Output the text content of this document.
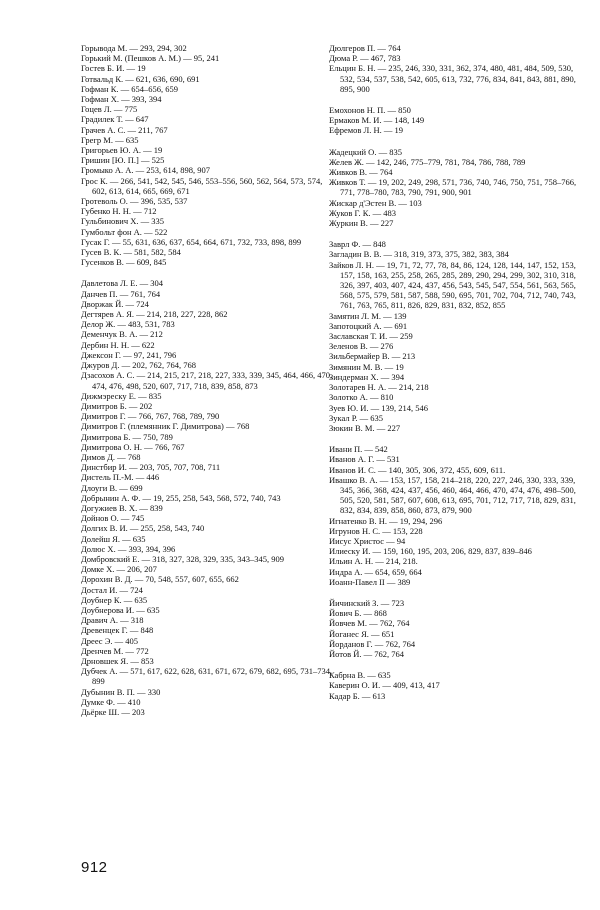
Горывода М. — 293, 294, 302

Горький М. (Пешков А. М.) — 95, 241

Гостев Б. И. — 19

Готвальд К. — 621, 636, 690, 691

Гофман К. — 654–656, 659

Гофман Х. — 393, 394

Гоцев Л. — 775

Градилек Т. — 647

Грачев А. С. — 211, 767

Грегр М. — 635

Григорьев Ю. А. — 19

Гришин [Ю. П.] — 525

Громыко А. А. — 253, 614, 898, 907

Грос К. — 266, 541, 542, 545, 546, 553–556, 560, 562, 564, 573, 574, 602, 613, 614, 665, 669, 671

Гротеволь О. — 396, 535, 537

Губенко Н. Н. — 712

Гульбинович Х. — 335

Гумбольт фон А. — 522

Гусак Г. — 55, 631, 636, 637, 654, 664, 671, 732, 733, 898, 899

Гусев В. К. — 581, 582, 584

Гусенков В. — 609, 845

Давлетова Л. Е. — 304

Данчев П. — 761, 764

Дворжак Й. — 724

Дегтярев А. Я. — 214, 218, 227, 228, 862

Делор Ж. — 483, 531, 783

Деменчук В. А. — 212

Дербин Н. Н. — 622

Джексон Г. — 97, 241, 796

Джуров Д. — 202, 762, 764, 768

Дзасохов А. С. — 214, 215, 217, 218, 227, 333, 339, 345, 464, 466, 470, 474, 476, 498, 520, 607, 717, 718, 839, 858, 873

Дижмэреску Е. — 835

Димитров Б. — 202

Димитров Г. — 766, 767, 768, 789, 790

Димитров Г. (племянник Г. Димитрова) — 768

Димитрова Б. — 750, 789

Димитрова О. Н. — 766, 767

Димов Д. — 768

Динстбир И. — 203, 705, 707, 708, 711

Дистель П.-М. — 446

Длоуги В. — 699

Добрынин А. Ф. — 19, 255, 258, 543, 568, 572, 740, 743

Догужиев В. Х. — 839

Дойнов О. — 745

Долгих В. И. — 255, 258, 543, 740

Долейш Я. — 635

Долюс Х. — 393, 394, 396

Домбровский Е. — 318, 327, 328, 329, 335, 343–345, 909

Домке Х. — 206, 207

Дорохин В. Д. — 70, 548, 557, 607, 655, 662

Достал И. — 724

Доубнер К. — 635

Доубнерова И. — 635

Дравич А. — 318

Древенцек Г. — 848

Дреес Э. — 405

Дренчев М. — 772

Дрновшек Я. — 853

Дубчек А. — 571, 617, 622, 628, 631, 671, 672, 679, 682, 695, 731–734, 899

Дубынин В. П. — 330

Думке Ф. — 410

Дьёрке Ш. — 203

Дюлгеров П. — 764

Дюма Р. — 467, 783

Ельцин Б. Н. — 235, 246, 330, 331, 362, 374, 480, 481, 484, 509, 530, 532, 534, 537, 538, 542, 605, 613, 732, 776, 834, 841, 843, 881, 890, 895, 900

Емохонов Н. П. — 850

Ермаков М. И. — 148, 149

Ефремов Л. Н. — 19

Жадецкий О. — 835

Желев Ж. — 142, 246, 775–779, 781, 784, 786, 788, 789

Живков В. — 764

Живков Т. — 19, 202, 249, 298, 571, 736, 740, 746, 750, 751, 758–766, 771, 778–780, 783, 790, 791, 900, 901

Жискар д'Эстен В. — 103

Жуков Г. К. — 483

Журкин В. — 227

Заврл Ф. — 848

Загладин В. В. — 318, 319, 373, 375, 382, 383, 384

Зайков Л. Н. — 19, 71, 72, 77, 78, 84, 86, 124, 128, 144, 147, 152, 153, 157, 158, 163, 255, 258, 265, 285, 289, 290, 294, 299, 302, 310, 318, 326, 397, 403, 407, 424, 437, 456, 543, 545, 547, 554, 561, 563, 565, 568, 575, 579, 581, 587, 588, 590, 695, 701, 702, 704, 712, 740, 743, 761, 763, 765, 811, 826, 829, 831, 832, 852, 855

Замятин Л. М. — 139

Запотоцкий А. — 691

Заславская Т. И. — 259

Зеленов В. — 276

Зильбермайер В. — 213

Зимянин М. В. — 19

Зиндерман Х. — 394

Золотарев Н. А. — 214, 218

Золотко А. — 810

Зуев Ю. И. — 139, 214, 546

Зукал Р. — 635

Зюкин В. М. — 227

Ивани П. — 542

Иванов А. Г. — 531

Иванов И. С. — 140, 305, 306, 372, 455, 609, 611.

Ивашко В. А. — 153, 157, 158, 214–218, 220, 227, 246, 330, 333, 339, 345, 366, 368, 424, 437, 456, 460, 464, 466, 470, 474, 476, 498–500, 505, 520, 581, 587, 607, 608, 613, 695, 701, 712, 717, 718, 829, 831, 832, 834, 839, 858, 860, 873, 879, 900

Игнатенко В. Н. — 19, 294, 296

Игрунов Н. С. — 153, 228

Иисус Христос — 94

Илиеску И. — 159, 160, 195, 203, 206, 829, 837, 839–846

Ильин А. Н. — 214, 218.

Индра А. — 654, 659, 664

Иоанн-Павел II — 389

Йичинский З. — 723

Йович Б. — 868

Йовчев М. — 762, 764

Йоганес Я. — 651

Йорданов Г. — 762, 764

Йотов Й. — 762, 764

Кабрна В. — 635

Каверин О. И. — 409, 413, 417

Кадар Б. — 613

912
